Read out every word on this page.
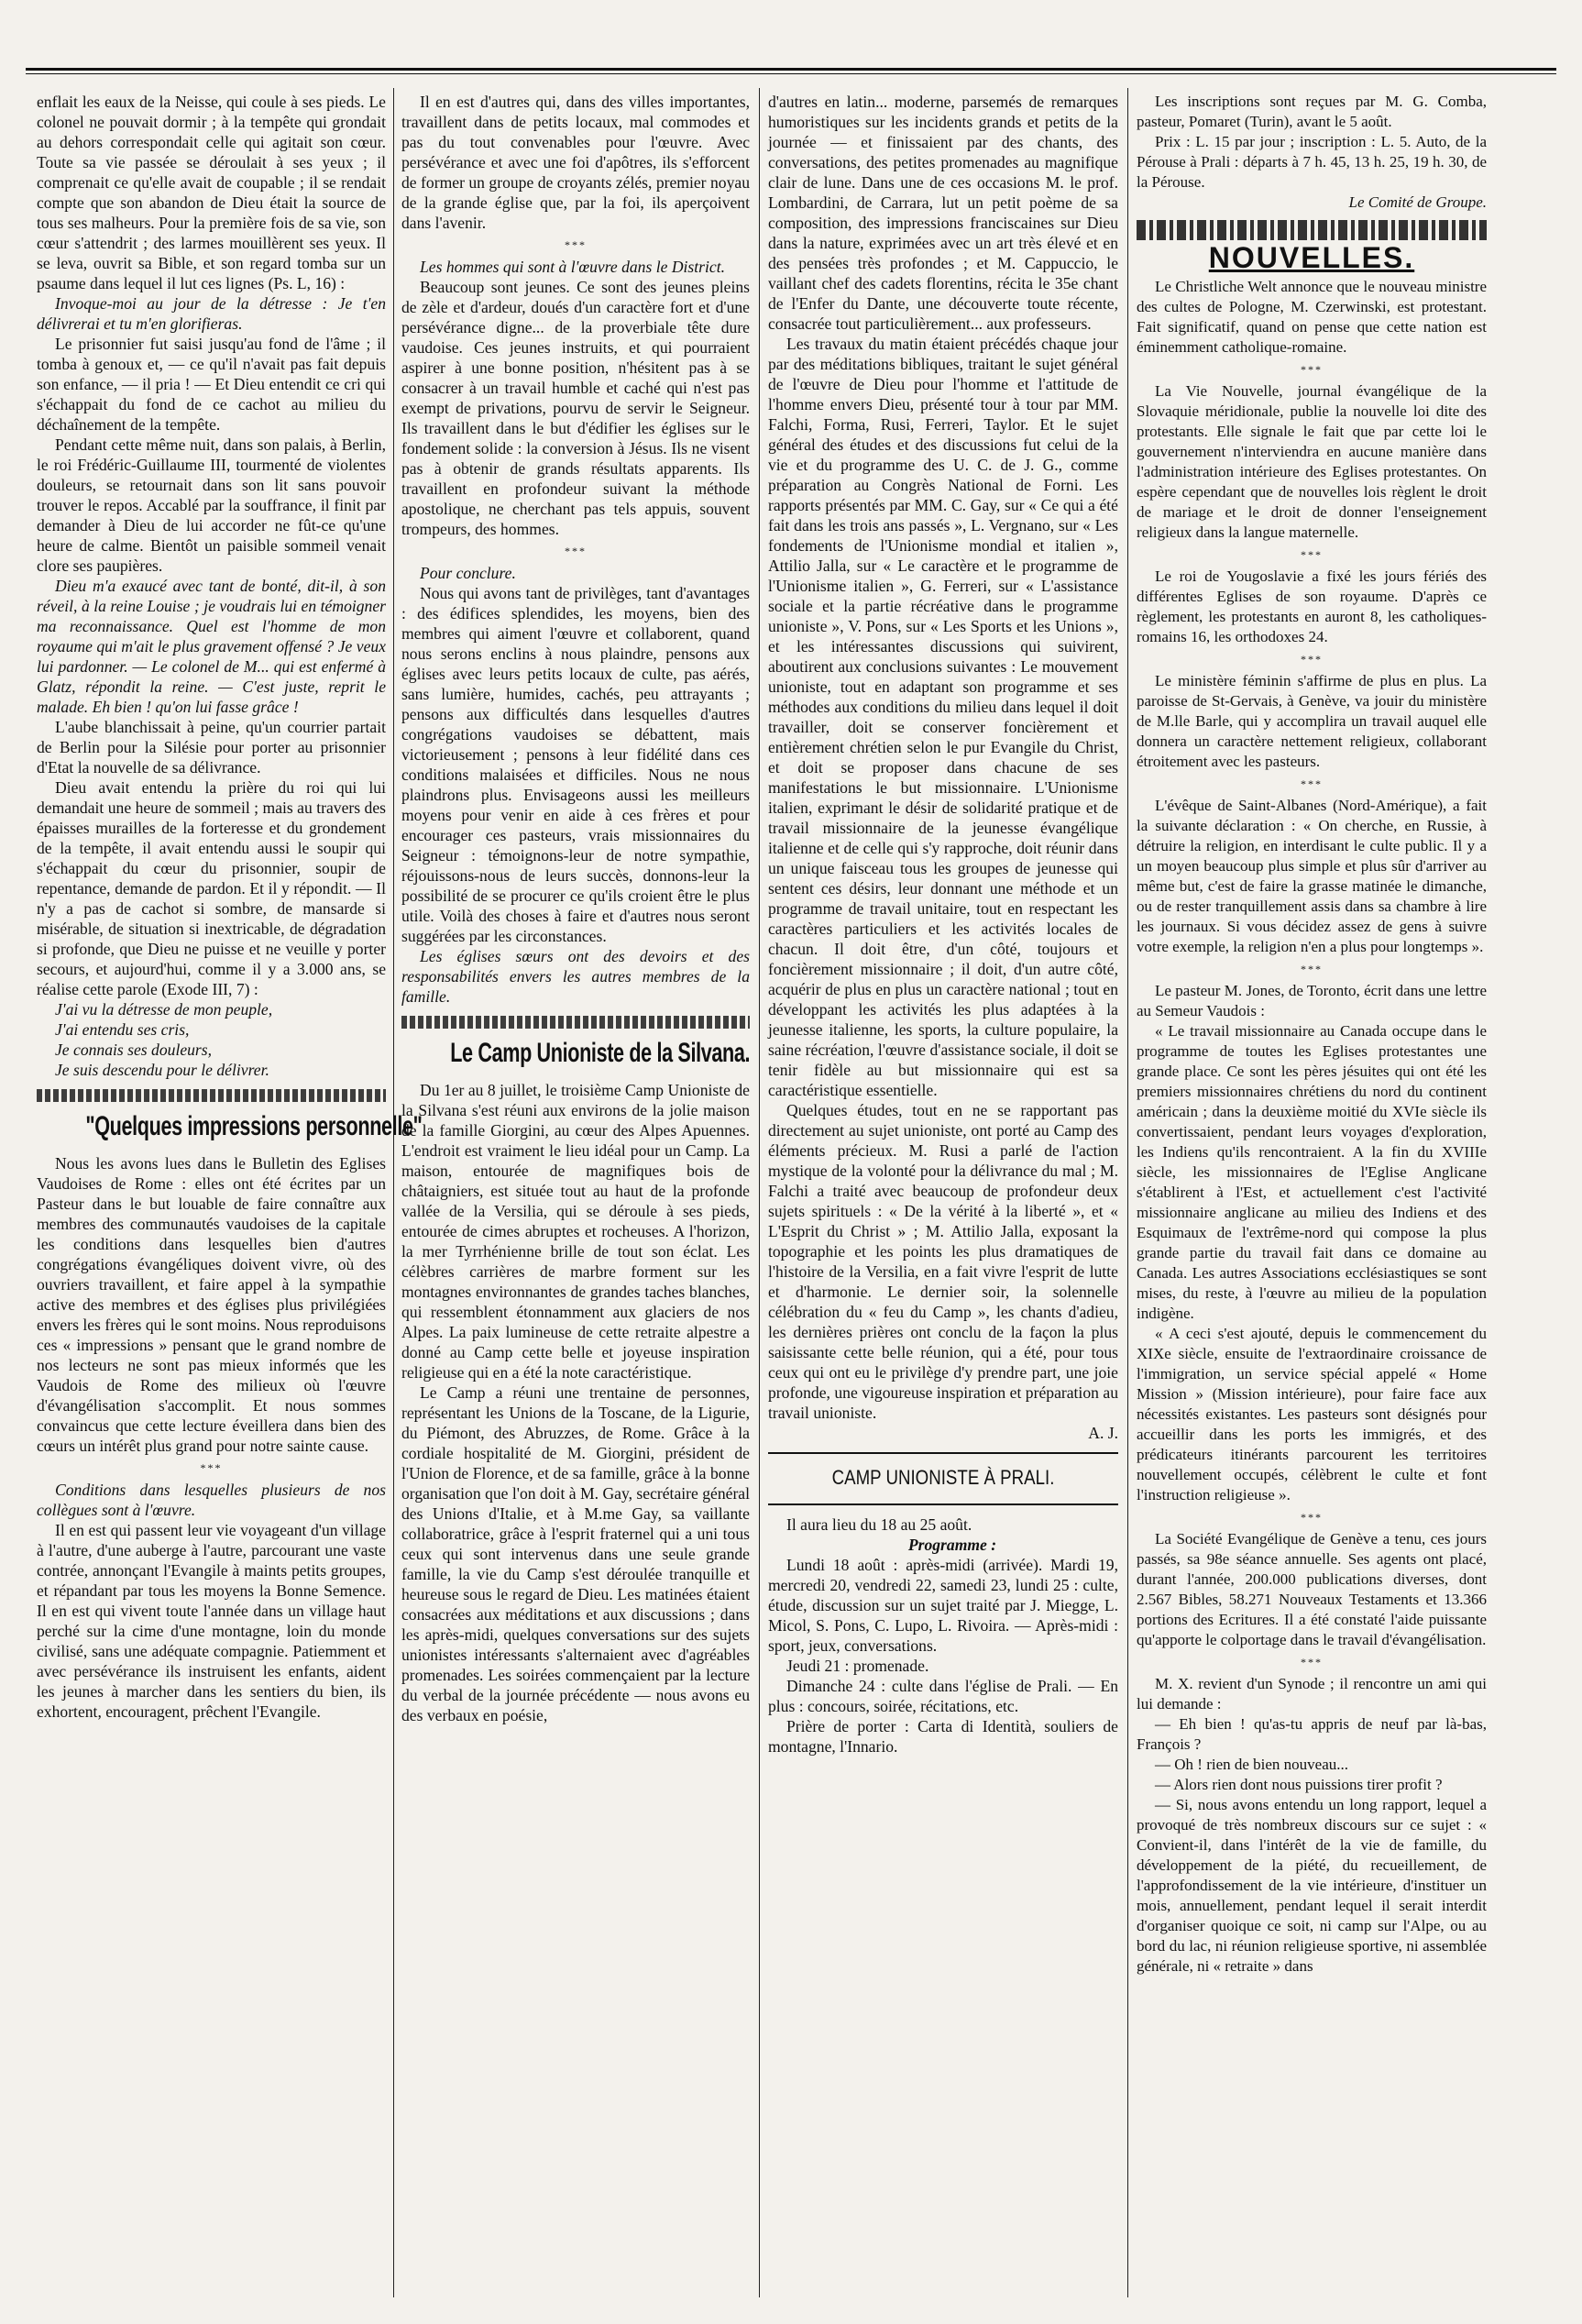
enflait les eaux de la Neisse, qui coule à ses pieds. Le colonel ne pouvait dormir ; à la tempête qui grondait au dehors correspondait celle qui agitait son cœur. Toute sa vie passée se déroulait à ses yeux ; il comprenait ce qu'elle avait de coupable ; il se rendait compte que son abandon de Dieu était la source de tous ses malheurs. Pour la première fois de sa vie, son cœur s'attendrit ; des larmes mouillèrent ses yeux. Il se leva, ouvrit sa Bible, et son regard tomba sur un psaume dans lequel il lut ces lignes (Ps. L, 16) :

Invoque-moi au jour de la détresse : Je t'en délivrerai et tu m'en glorifieras.

Le prisonnier fut saisi jusqu'au fond de l'âme ; il tomba à genoux et, — ce qu'il n'avait pas fait depuis son enfance, — il pria ! — Et Dieu entendit ce cri qui s'échappait du fond de ce cachot au milieu du déchaînement de la tempête.

Pendant cette même nuit, dans son palais, à Berlin, le roi Frédéric-Guillaume III, tourmenté de violentes douleurs, se retournait dans son lit sans pouvoir trouver le repos. Accablé par la souffrance, il finit par demander à Dieu de lui accorder ne fût-ce qu'une heure de calme. Bientôt un paisible sommeil venait clore ses paupières.

Dieu m'a exaucé avec tant de bonté, dit-il, à son réveil, à la reine Louise ; je voudrais lui en témoigner ma reconnaissance. Quel est l'homme de mon royaume qui m'ait le plus gravement offensé ? Je veux lui pardonner. — Le colonel de M... qui est enfermé à Glatz, répondit la reine. — C'est juste, reprit le malade. Eh bien ! qu'on lui fasse grâce !

L'aube blanchissait à peine, qu'un courrier partait de Berlin pour la Silésie pour porter au prisonnier d'Etat la nouvelle de sa délivrance.

Dieu avait entendu la prière du roi qui lui demandait une heure de sommeil ; mais au travers des épaisses murailles de la forteresse et du grondement de la tempête, il avait entendu aussi le soupir qui s'échappait du cœur du prisonnier, soupir de repentance, demande de pardon. Et il y répondit. — Il n'y a pas de cachot si sombre, de mansarde si misérable, de situation si inextricable, de dégradation si profonde, que Dieu ne puisse et ne veuille y porter secours, et aujourd'hui, comme il y a 3.000 ans, se réalise cette parole (Exode III, 7) :

J'ai vu la détresse de mon peuple,

J'ai entendu ses cris,

Je connais ses douleurs,

Je suis descendu pour le délivrer.

"Quelques impressions personnelle"

Nous les avons lues dans le Bulletin des Eglises Vaudoises de Rome : elles ont été écrites par un Pasteur dans le but louable de faire connaître aux membres des communautés vaudoises de la capitale les conditions dans lesquelles bien d'autres congrégations évangéliques doivent vivre, où des ouvriers travaillent, et faire appel à la sympathie active des membres et des églises plus privilégiées envers les frères qui le sont moins. Nous reproduisons ces « impressions » pensant que le grand nombre de nos lecteurs ne sont pas mieux informés que les Vaudois de Rome des milieux où l'œuvre d'évangélisation s'accomplit. Et nous sommes convaincus que cette lecture éveillera dans bien des cœurs un intérêt plus grand pour notre sainte cause.

***

Conditions dans lesquelles plusieurs de nos collègues sont à l'œuvre.

Il en est qui passent leur vie voyageant d'un village à l'autre, d'une auberge à l'autre, parcourant une vaste contrée, annonçant l'Evangile à maints petits groupes, et répandant par tous les moyens la Bonne Semence. Il en est qui vivent toute l'année dans un village haut perché sur la cime d'une montagne, loin du monde civilisé, sans une adéquate compagnie. Patiemment et avec persévérance ils instruisent les enfants, aident les jeunes à marcher dans les sentiers du bien, ils exhortent, encouragent, prêchent l'Evangile.

Il en est d'autres qui, dans des villes importantes, travaillent dans de petits locaux, mal commodes et pas du tout convenables pour l'œuvre. Avec persévérance et avec une foi d'apôtres, ils s'efforcent de former un groupe de croyants zélés, premier noyau de la grande église que, par la foi, ils aperçoivent dans l'avenir.

***

Les hommes qui sont à l'œuvre dans le District.

Beaucoup sont jeunes. Ce sont des jeunes pleins de zèle et d'ardeur, doués d'un caractère fort et d'une persévérance digne... de la proverbiale tête dure vaudoise. Ces jeunes instruits, et qui pourraient aspirer à une bonne position, n'hésitent pas à se consacrer à un travail humble et caché qui n'est pas exempt de privations, pourvu de servir le Seigneur. Ils travaillent dans le but d'édifier les églises sur le fondement solide : la conversion à Jésus. Ils ne visent pas à obtenir de grands résultats apparents. Ils travaillent en profondeur suivant la méthode apostolique, ne cherchant pas tels appuis, souvent trompeurs, des hommes.

***

Pour conclure.

Nous qui avons tant de privilèges, tant d'avantages : des édifices splendides, les moyens, bien des membres qui aiment l'œuvre et collaborent, quand nous serons enclins à nous plaindre, pensons aux églises avec leurs petits locaux de culte, pas aérés, sans lumière, humides, cachés, peu attrayants ; pensons aux difficultés dans lesquelles d'autres congrégations vaudoises se débattent, mais victorieusement ; pensons à leur fidélité dans ces conditions malaisées et difficiles. Nous ne nous plaindrons plus. Envisageons aussi les meilleurs moyens pour venir en aide à ces frères et pour encourager ces pasteurs, vrais missionnaires du Seigneur : témoignons-leur de notre sympathie, réjouissons-nous de leurs succès, donnons-leur la possibilité de se procurer ce qu'ils croient être le plus utile. Voilà des choses à faire et d'autres nous seront suggérées par les circonstances.

Les églises sœurs ont des devoirs et des responsabilités envers les autres membres de la famille.

Le Camp Unioniste de la Silvana.

Du 1er au 8 juillet, le troisième Camp Unioniste de la Silvana s'est réuni aux environs de la jolie maison de la famille Giorgini, au cœur des Alpes Apuennes. L'endroit est vraiment le lieu idéal pour un Camp. La maison, entourée de magnifiques bois de châtaigniers, est située tout au haut de la profonde vallée de la Versilia, qui se déroule à ses pieds, entourée de cimes abruptes et rocheuses. A l'horizon, la mer Tyrrhénienne brille de tout son éclat. Les célèbres carrières de marbre forment sur les montagnes environnantes de grandes taches blanches, qui ressemblent étonnamment aux glaciers de nos Alpes. La paix lumineuse de cette retraite alpestre a donné au Camp cette belle et joyeuse inspiration religieuse qui en a été la note caractéristique.

Le Camp a réuni une trentaine de personnes, représentant les Unions de la Toscane, de la Ligurie, du Piémont, des Abruzzes, de Rome. Grâce à la cordiale hospitalité de M. Giorgini, président de l'Union de Florence, et de sa famille, grâce à la bonne organisation que l'on doit à M. Gay, secrétaire général des Unions d'Italie, et à M.me Gay, sa vaillante collaboratrice, grâce à l'esprit fraternel qui a uni tous ceux qui sont intervenus dans une seule grande famille, la vie du Camp s'est déroulée tranquille et heureuse sous le regard de Dieu. Les matinées étaient consacrées aux méditations et aux discussions ; dans les après-midi, quelques conversations sur des sujets unionistes intéressants s'alternaient avec d'agréables promenades. Les soirées commençaient par la lecture du verbal de la journée précédente — nous avons eu des verbaux en poésie,

d'autres en latin... moderne, parsemés de remarques humoristiques sur les incidents grands et petits de la journée — et finissaient par des chants, des conversations, des petites promenades au magnifique clair de lune. Dans une de ces occasions M. le prof. Lombardini, de Carrara, lut un petit poème de sa composition, des impressions franciscaines sur Dieu dans la nature, exprimées avec un art très élevé et en des pensées très profondes ; et M. Cappuccio, le vaillant chef des cadets florentins, récita le 35e chant de l'Enfer du Dante, une découverte toute récente, consacrée tout particulièrement... aux professeurs.

Les travaux du matin étaient précédés chaque jour par des méditations bibliques, traitant le sujet général de l'œuvre de Dieu pour l'homme et l'attitude de l'homme envers Dieu, présenté tour à tour par MM. Falchi, Forma, Rusi, Ferreri, Taylor. Et le sujet général des études et des discussions fut celui de la vie et du programme des U. C. de J. G., comme préparation au Congrès National de Forni. Les rapports présentés par MM. C. Gay, sur « Ce qui a été fait dans les trois ans passés », L. Vergnano, sur « Les fondements de l'Unionisme mondial et italien », Attilio Jalla, sur « Le caractère et le programme de l'Unionisme italien », G. Ferreri, sur « L'assistance sociale et la partie récréative dans le programme unioniste », V. Pons, sur « Les Sports et les Unions », et les intéressantes discussions qui suivirent, aboutirent aux conclusions suivantes : Le mouvement unioniste, tout en adaptant son programme et ses méthodes aux conditions du milieu dans lequel il doit travailler, doit se conserver foncièrement et entièrement chrétien selon le pur Evangile du Christ, et doit se proposer dans chacune de ses manifestations le but missionnaire. L'Unionisme italien, exprimant le désir de solidarité pratique et de travail missionnaire de la jeunesse évangélique italienne et de celle qui s'y rapproche, doit réunir dans un unique faisceau tous les groupes de jeunesse qui sentent ces désirs, leur donnant une méthode et un programme de travail unitaire, tout en respectant les caractères particuliers et les activités locales de chacun. Il doit être, d'un côté, toujours et foncièrement missionnaire ; il doit, d'un autre côté, acquérir de plus en plus un caractère national ; tout en développant les activités les plus adaptées à la jeunesse italienne, les sports, la culture populaire, la saine récréation, l'œuvre d'assistance sociale, il doit se tenir fidèle au but missionnaire qui est sa caractéristique essentielle.

Quelques études, tout en ne se rapportant pas directement au sujet unioniste, ont porté au Camp des éléments précieux. M. Rusi a parlé de l'action mystique de la volonté pour la délivrance du mal ; M. Falchi a traité avec beaucoup de profondeur deux sujets spirituels : « De la vérité à la liberté », et « L'Esprit du Christ » ; M. Attilio Jalla, exposant la topographie et les points les plus dramatiques de l'histoire de la Versilia, en a fait vivre l'esprit de lutte et d'harmonie. Le dernier soir, la solennelle célébration du « feu du Camp », les chants d'adieu, les dernières prières ont conclu de la façon la plus saisissante cette belle réunion, qui a été, pour tous ceux qui ont eu le privilège d'y prendre part, une joie profonde, une vigoureuse inspiration et préparation au travail unioniste.

A. J.

CAMP UNIONISTE À PRALI.

Il aura lieu du 18 au 25 août.

Programme :

Lundi 18 août : après-midi (arrivée). Mardi 19, mercredi 20, vendredi 22, samedi 23, lundi 25 : culte, étude, discussion sur un sujet traité par J. Miegge, L. Micol, S. Pons, C. Lupo, L. Rivoira. — Après-midi : sport, jeux, conversations.

Jeudi 21 : promenade.

Dimanche 24 : culte dans l'église de Prali. — En plus : concours, soirée, récitations, etc.

Prière de porter : Carta di Identità, souliers de montagne, l'Innario.

Les inscriptions sont reçues par M. G. Comba, pasteur, Pomaret (Turin), avant le 5 août.

Prix : L. 15 par jour ; inscription : L. 5. Auto, de la Pérouse à Prali : départs à 7 h. 45, 13 h. 25, 19 h. 30, de la Pérouse.

Le Comité de Groupe.

NOUVELLES.

Le Christliche Welt annonce que le nouveau ministre des cultes de Pologne, M. Czerwinski, est protestant. Fait significatif, quand on pense que cette nation est éminemment catholique-romaine.

***

La Vie Nouvelle, journal évangélique de la Slovaquie méridionale, publie la nouvelle loi dite des protestants. Elle signale le fait que par cette loi le gouvernement n'interviendra en aucune manière dans l'administration intérieure des Eglises protestantes. On espère cependant que de nouvelles lois règlent le droit de mariage et le droit de donner l'enseignement religieux dans la langue maternelle.

***

Le roi de Yougoslavie a fixé les jours fériés des différentes Eglises de son royaume. D'après ce règlement, les protestants en auront 8, les catholiques-romains 16, les orthodoxes 24.

***

Le ministère féminin s'affirme de plus en plus. La paroisse de St-Gervais, à Genève, va jouir du ministère de M.lle Barle, qui y accomplira un travail auquel elle donnera un caractère nettement religieux, collaborant étroitement avec les pasteurs.

***

L'évêque de Saint-Albanes (Nord-Amérique), a fait la suivante déclaration : « On cherche, en Russie, à détruire la religion, en interdisant le culte public. Il y a un moyen beaucoup plus simple et plus sûr d'arriver au même but, c'est de faire la grasse matinée le dimanche, ou de rester tranquillement assis dans sa chambre à lire les journaux. Si vous décidez assez de gens à suivre votre exemple, la religion n'en a plus pour longtemps ».

***

Le pasteur M. Jones, de Toronto, écrit dans une lettre au Semeur Vaudois :

« Le travail missionnaire au Canada occupe dans le programme de toutes les Eglises protestantes une grande place. Ce sont les pères jésuites qui ont été les premiers missionnaires chrétiens du nord du continent américain ; dans la deuxième moitié du XVIe siècle ils convertissaient, pendant leurs voyages d'exploration, les Indiens qu'ils rencontraient. A la fin du XVIIIe siècle, les missionnaires de l'Eglise Anglicane s'établirent à l'Est, et actuellement c'est l'activité missionnaire anglicane au milieu des Indiens et des Esquimaux de l'extrême-nord qui compose la plus grande partie du travail fait dans ce domaine au Canada. Les autres Associations ecclésiastiques se sont mises, du reste, à l'œuvre au milieu de la population indigène.

« A ceci s'est ajouté, depuis le commencement du XIXe siècle, ensuite de l'extraordinaire croissance de l'immigration, un service spécial appelé « Home Mission » (Mission intérieure), pour faire face aux nécessités existantes. Les pasteurs sont désignés pour accueillir dans les ports les immigrés, et des prédicateurs itinérants parcourent les territoires nouvellement occupés, célèbrent le culte et font l'instruction religieuse ».

***

La Société Evangélique de Genève a tenu, ces jours passés, sa 98e séance annuelle. Ses agents ont placé, durant l'année, 200.000 publications diverses, dont 2.567 Bibles, 58.271 Nouveaux Testaments et 13.366 portions des Ecritures. Il a été constaté l'aide puissante qu'apporte le colportage dans le travail d'évangélisation.

***

M. X. revient d'un Synode ; il rencontre un ami qui lui demande :

— Eh bien ! qu'as-tu appris de neuf par là-bas, François ?

— Oh ! rien de bien nouveau...

— Alors rien dont nous puissions tirer profit ?

— Si, nous avons entendu un long rapport, lequel a provoqué de très nombreux discours sur ce sujet : « Convient-il, dans l'intérêt de la vie de famille, du développement de la piété, du recueillement, de l'approfondissement de la vie intérieure, d'instituer un mois, annuellement, pendant lequel il serait interdit d'organiser quoique ce soit, ni camp sur l'Alpe, ou au bord du lac, ni réunion religieuse sportive, ni assemblée générale, ni « retraite » dans
